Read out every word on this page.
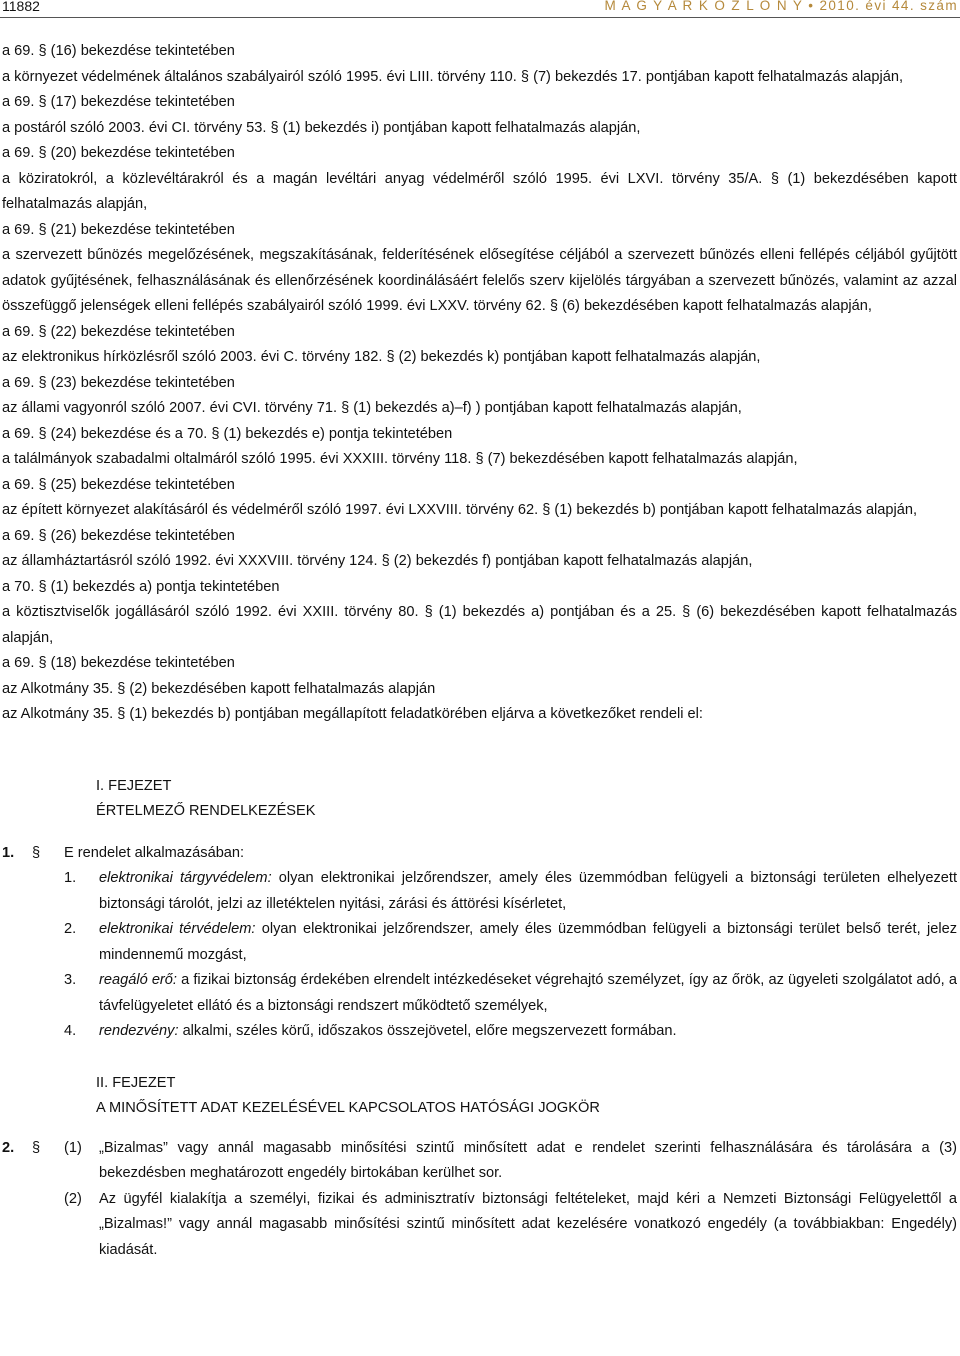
11882	M A G Y A R K Ö Z L Ö N Y • 2010. évi 44. szám

a 69. § (16) bekezdése tekintetében

a környezet védelmének általános szabályairól szóló 1995. évi LIII. törvény 110. § (7) bekezdés 17. pontjában kapott felhatalmazás alapján,

a 69. § (17) bekezdése tekintetében

a postáról szóló 2003. évi CI. törvény 53. § (1) bekezdés i) pontjában kapott felhatalmazás alapján,

a 69. § (20) bekezdése tekintetében

a köziratokról, a közlevéltárakról és a magán levéltári anyag védelméről szóló 1995. évi LXVI. törvény 35/A. § (1) bekezdésében kapott felhatalmazás alapján,

a 69. § (21) bekezdése tekintetében

a szervezett bűnözés megelőzésének, megszakításának, felderítésének elősegítése céljából a szervezett bűnözés elleni fellépés céljából gyűjtött adatok gyűjtésének, felhasználásának és ellenőrzésének koordinálásáért felelős szerv kijelölés tárgyában a szervezett bűnözés, valamint az azzal összefüggő jelenségek elleni fellépés szabályairól szóló 1999. évi LXXV. törvény 62. § (6) bekezdésében kapott felhatalmazás alapján,

a 69. § (22) bekezdése tekintetében

az elektronikus hírközlésről szóló 2003. évi C. törvény 182. § (2) bekezdés k) pontjában kapott felhatalmazás alapján,

a 69. § (23) bekezdése tekintetében

az állami vagyonról szóló 2007. évi CVI. törvény 71. § (1) bekezdés a)–f) ) pontjában kapott felhatalmazás alapján,

a 69. § (24) bekezdése és a 70. § (1) bekezdés e) pontja tekintetében

a találmányok szabadalmi oltalmáról szóló 1995. évi XXXIII. törvény 118. § (7) bekezdésében kapott felhatalmazás alapján,

a 69. § (25) bekezdése tekintetében

az épített környezet alakításáról és védelméről szóló 1997. évi LXXVIII. törvény 62. § (1) bekezdés b) pontjában kapott felhatalmazás alapján,

a 69. § (26) bekezdése tekintetében

az államháztartásról szóló 1992. évi XXXVIII. törvény 124. § (2) bekezdés f) pontjában kapott felhatalmazás alapján,

a 70. § (1) bekezdés a) pontja tekintetében

a köztisztviselők jogállásáról szóló 1992. évi XXIII. törvény 80. § (1) bekezdés a) pontjában és a 25. § (6) bekezdésében kapott felhatalmazás alapján,

a 69. § (18) bekezdése tekintetében

az Alkotmány 35. § (2) bekezdésében kapott felhatalmazás alapján

az Alkotmány 35. § (1) bekezdés b) pontjában megállapított feladatkörében eljárva a következőket rendeli el:

I. FEJEZET

ÉRTELMEZŐ RENDELKEZÉSEK

1.	§	E rendelet alkalmazásában:
1.	elektronikai tárgyvédelem: olyan elektronikai jelzőrendszer, amely éles üzemmódban felügyeli a biztonsági területen elhelyezett biztonsági tárolót, jelzi az illetéktelen nyitási, zárási és áttörési kísérletet,
2.	elektronikai térvédelem: olyan elektronikai jelzőrendszer, amely éles üzemmódban felügyeli a biztonsági terület belső terét, jelez mindennemű mozgást,
3.	reagáló erő: a fizikai biztonság érdekében elrendelt intézkedéseket végrehajtó személyzet, így az őrök, az ügyeleti szolgálatot adó, a távfelügyeletet ellátó és a biztonsági rendszert működtető személyek,
4.	rendezvény: alkalmi, széles körű, időszakos összejövetel, előre megszervezett formában.

II. FEJEZET

A MINŐSÍTETT ADAT KEZELÉSÉVEL KAPCSOLATOS HATÓSÁGI JOGKÖR

2.	§	(1)	„Bizalmas” vagy annál magasabb minősítési szintű minősített adat e rendelet szerinti felhasználására és tárolására a (3) bekezdésben meghatározott engedély birtokában kerülhet sor.
(2)	Az ügyfél kialakítja a személyi, fizikai és adminisztratív biztonsági feltételeket, majd kéri a Nemzeti Biztonsági Felügyelettől a „Bizalmas!” vagy annál magasabb minősítési szintű minősített adat kezelésére vonatkozó engedély (a továbbiakban: Engedély) kiadását.
